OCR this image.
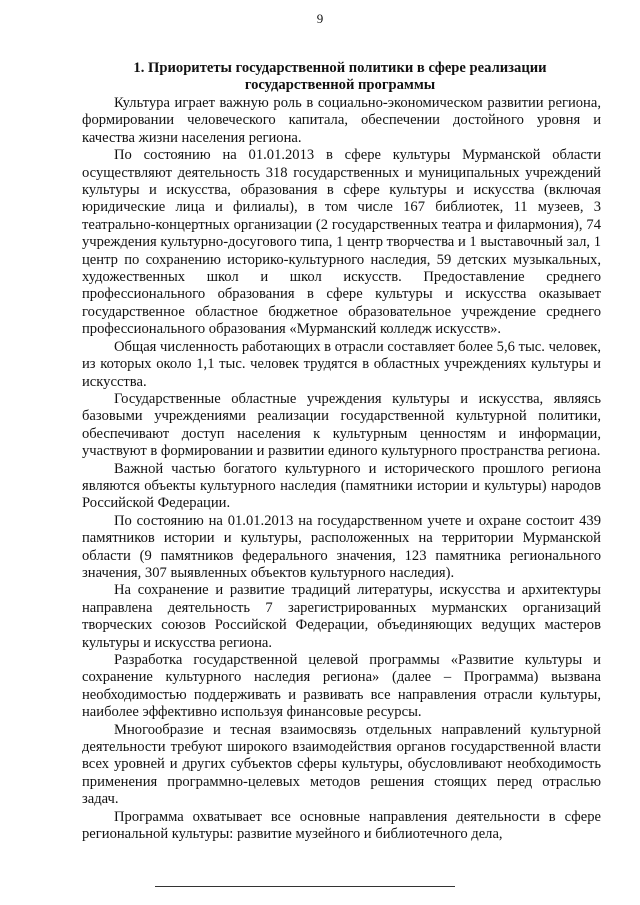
9
1. Приоритеты государственной политики в сфере реализации государственной программы

Культура играет важную роль в социально-экономическом развитии региона, формировании человеческого капитала, обеспечении достойного уровня и качества жизни населения региона.

По состоянию на 01.01.2013 в сфере культуры Мурманской области осуществляют деятельность 318 государственных и муниципальных учреждений культуры и искусства, образования в сфере культуры и искусства (включая юридические лица и филиалы), в том числе 167 библиотек, 11 музеев, 3 театрально-концертных организации (2 государственных театра и филармония), 74 учреждения культурно-досугового типа, 1 центр творчества и 1 выставочный зал, 1 центр по сохранению историко-культурного наследия, 59 детских музыкальных, художественных школ и школ искусств. Предоставление среднего профессионального образования в сфере культуры и искусства оказывает государственное областное бюджетное образовательное учреждение среднего профессионального образования «Мурманский колледж искусств».

Общая численность работающих в отрасли составляет более 5,6 тыс. человек, из которых около 1,1 тыс. человек трудятся в областных учреждениях культуры и искусства.

Государственные областные учреждения культуры и искусства, являясь базовыми учреждениями реализации государственной культурной политики, обеспечивают доступ населения к культурным ценностям и информации, участвуют в формировании и развитии единого культурного пространства региона.

Важной частью богатого культурного и исторического прошлого региона являются объекты культурного наследия (памятники истории и культуры) народов Российской Федерации.

По состоянию на 01.01.2013 на государственном учете и охране состоит 439 памятников истории и культуры, расположенных на территории Мурманской области (9 памятников федерального значения, 123 памятника регионального значения, 307 выявленных объектов культурного наследия).

На сохранение и развитие традиций литературы, искусства и архитектуры направлена деятельность 7 зарегистрированных мурманских организаций творческих союзов Российской Федерации, объединяющих ведущих мастеров культуры и искусства региона.

Разработка государственной целевой программы «Развитие культуры и сохранение культурного наследия региона» (далее – Программа) вызвана необходимостью поддерживать и развивать все направления отрасли культуры, наиболее эффективно используя финансовые ресурсы.

Многообразие и тесная взаимосвязь отдельных направлений культурной деятельности требуют широкого взаимодействия органов государственной власти всех уровней и других субъектов сферы культуры, обусловливают необходимость применения программно-целевых методов решения стоящих перед отраслью задач.

Программа охватывает все основные направления деятельности в сфере региональной культуры: развитие музейного и библиотечного дела,
